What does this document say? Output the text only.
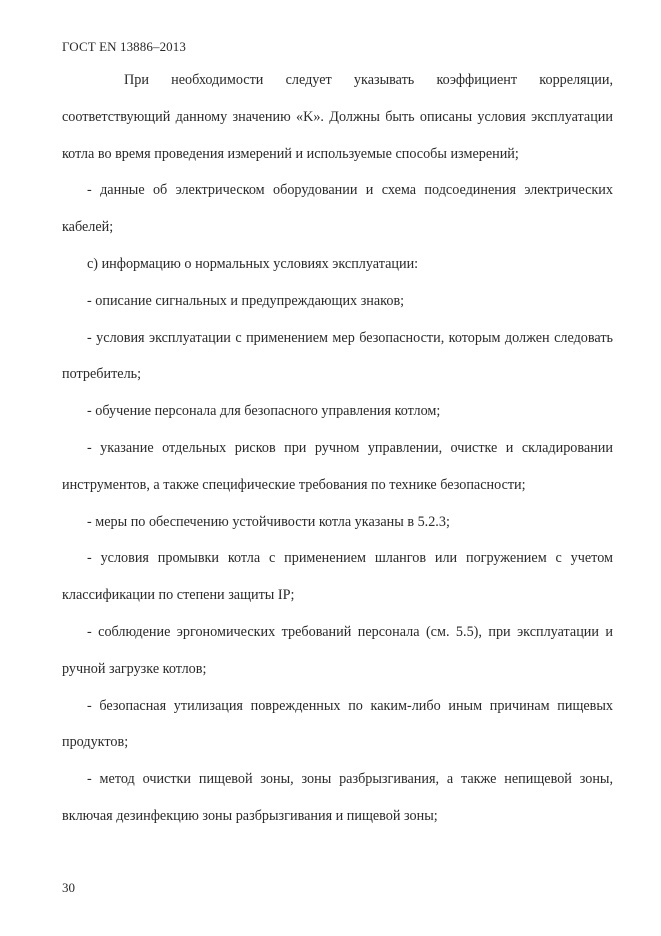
ГОСТ EN 13886–2013

При необходимости следует указывать коэффициент корреляции, соответствующий данному значению «K». Должны быть описаны условия эксплуатации котла во время проведения измерений и используемые способы измерений;

- данные об электрическом оборудовании и схема подсоединения электрических кабелей;

c) информацию о нормальных условиях эксплуатации:

- описание сигнальных и предупреждающих знаков;

- условия эксплуатации с применением мер безопасности, которым должен следовать потребитель;

- обучение персонала для безопасного управления котлом;

- указание отдельных рисков при ручном управлении, очистке и складировании инструментов, а также специфические требования по технике безопасности;

- меры по обеспечению устойчивости котла указаны в 5.2.3;

- условия промывки котла с применением шлангов или погружением с учетом классификации по степени защиты IP;

- соблюдение эргономических требований персонала (см. 5.5), при эксплуатации и ручной загрузке котлов;

- безопасная утилизация поврежденных по каким-либо иным причинам пищевых продуктов;

- метод очистки пищевой зоны, зоны разбрызгивания, а также непищевой зоны, включая дезинфекцию зоны разбрызгивания и пищевой зоны;

30
